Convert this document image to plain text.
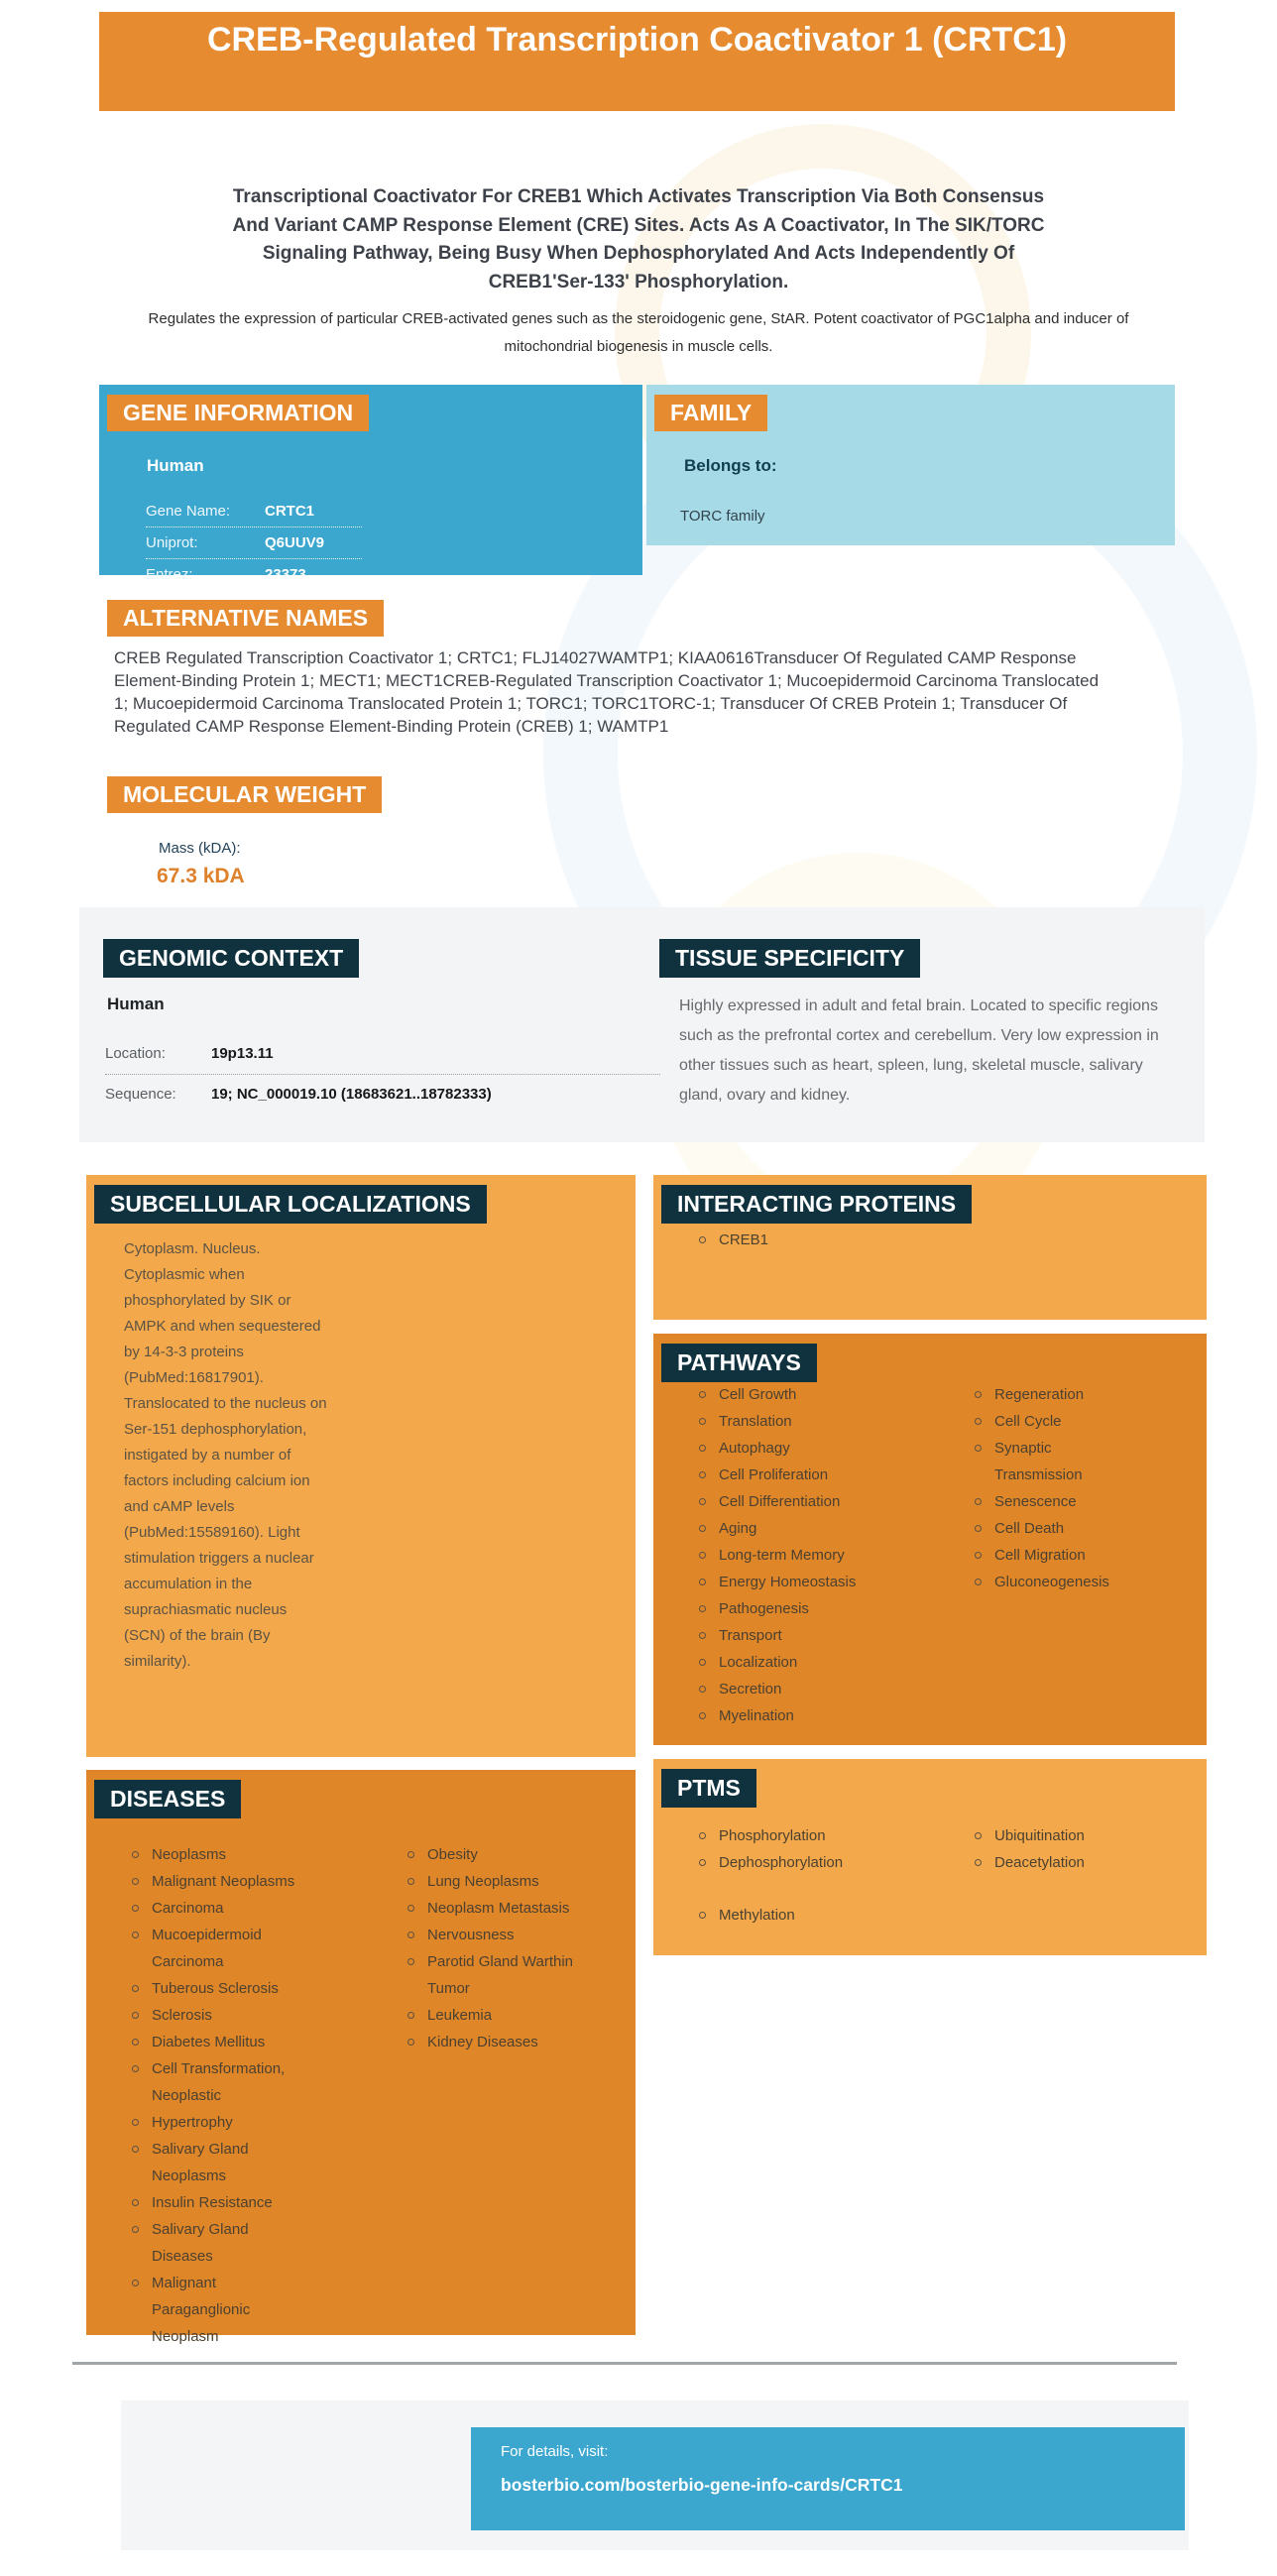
CREB-Regulated Transcription Coactivator 1 (CRTC1)
Transcriptional Coactivator For CREB1 Which Activates Transcription Via Both Consensus And Variant CAMP Response Element (CRE) Sites. Acts As A Coactivator, In The SIK/TORC Signaling Pathway, Being Busy When Dephosphorylated And Acts Independently Of CREB1'Ser-133' Phosphorylation.
Regulates the expression of particular CREB-activated genes such as the steroidogenic gene, StAR. Potent coactivator of PGC1alpha and inducer of mitochondrial biogenesis in muscle cells.
GENE INFORMATION
Human
Gene Name: CRTC1
Uniprot:	Q6UUV9
Entrez:	23373
FAMILY
Belongs to:
TORC family
ALTERNATIVE NAMES
CREB Regulated Transcription Coactivator 1; CRTC1; FLJ14027WAMTP1; KIAA0616Transducer Of Regulated CAMP Response Element-Binding Protein 1; MECT1; MECT1CREB-Regulated Transcription Coactivator 1; Mucoepidermoid Carcinoma Translocated 1; Mucoepidermoid Carcinoma Translocated Protein 1; TORC1; TORC1TORC-1; Transducer Of CREB Protein 1; Transducer Of Regulated CAMP Response Element-Binding Protein (CREB) 1; WAMTP1
MOLECULAR WEIGHT
Mass (kDA):
67.3 kDA
GENOMIC CONTEXT
Human
Location:	19p13.11
Sequence: 19; NC_000019.10 (18683621..18782333)
TISSUE SPECIFICITY
Highly expressed in adult and fetal brain. Located to specific regions such as the prefrontal cortex and cerebellum. Very low expression in other tissues such as heart, spleen, lung, skeletal muscle, salivary gland, ovary and kidney.
SUBCELLULAR LOCALIZATIONS
Cytoplasm. Nucleus. Cytoplasmic when phosphorylated by SIK or AMPK and when sequestered by 14-3-3 proteins (PubMed:16817901). Translocated to the nucleus on Ser-151 dephosphorylation, instigated by a number of factors including calcium ion and cAMP levels (PubMed:15589160). Light stimulation triggers a nuclear accumulation in the suprachiasmatic nucleus (SCN) of the brain (By similarity).
INTERACTING PROTEINS
CREB1
PATHWAYS
Cell Growth
Translation
Autophagy
Cell Proliferation
Cell Differentiation
Aging
Long-term Memory
Energy Homeostasis
Pathogenesis
Transport
Localization
Secretion
Myelination
Regeneration
Cell Cycle
Synaptic Transmission
Senescence
Cell Death
Cell Migration
Gluconeogenesis
DISEASES
Neoplasms
Malignant Neoplasms
Carcinoma
Mucoepidermoid Carcinoma
Tuberous Sclerosis
Sclerosis
Diabetes Mellitus
Cell Transformation, Neoplastic
Hypertrophy
Salivary Gland Neoplasms
Insulin Resistance
Salivary Gland Diseases
Malignant Paraganglionic Neoplasm
Obesity
Lung Neoplasms
Neoplasm Metastasis
Nervousness
Parotid Gland Warthin Tumor
Leukemia
Kidney Diseases
PTMS
Phosphorylation
Dephosphorylation
Methylation
Ubiquitination
Deacetylation
For details, visit:
bosterbio.com/bosterbio-gene-info-cards/CRTC1
